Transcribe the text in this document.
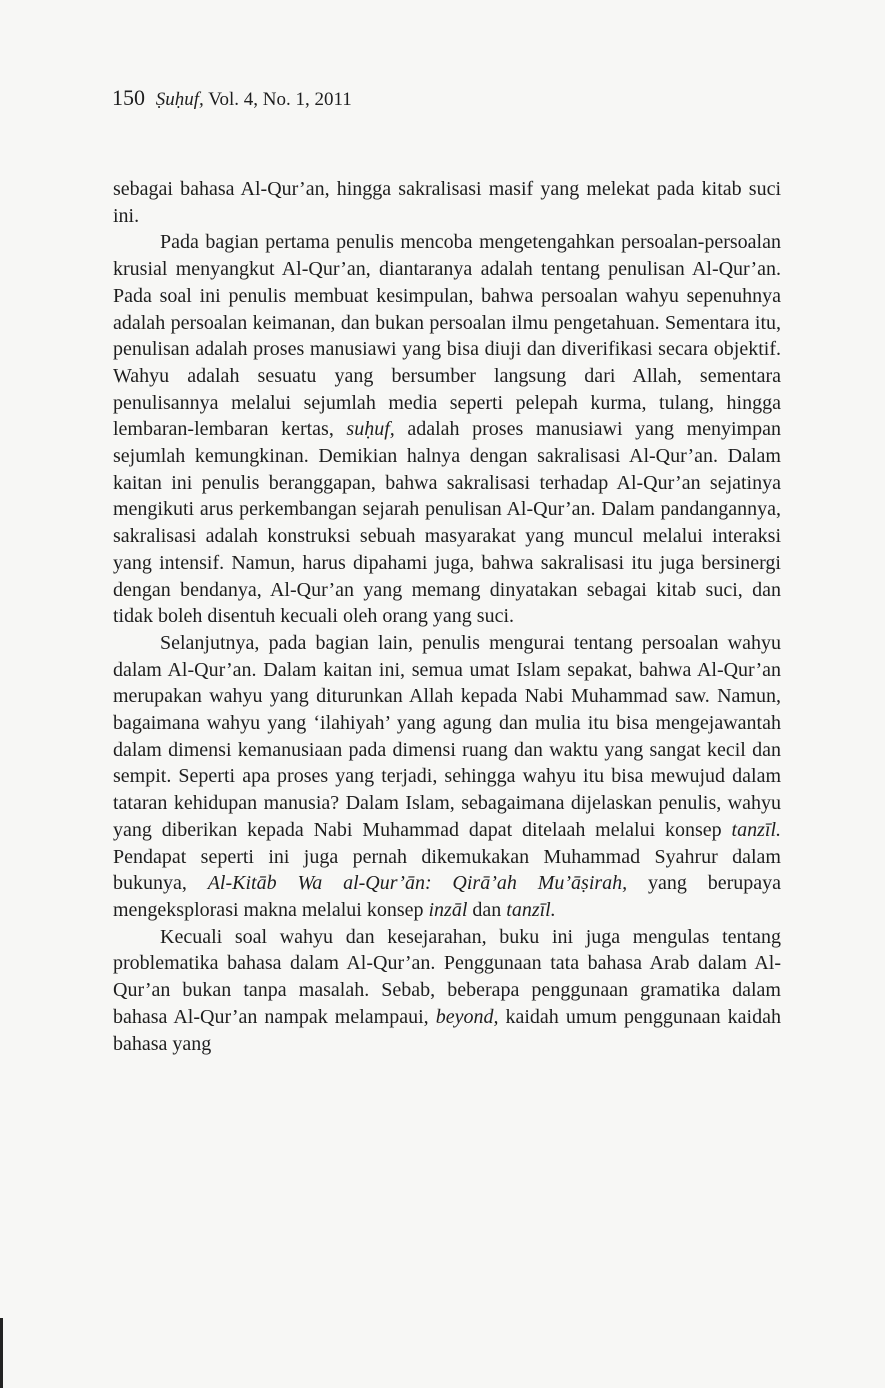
150 Ṣuḥuf, Vol. 4, No. 1, 2011

sebagai bahasa Al-Qur’an, hingga sakralisasi masif yang melekat pada kitab suci ini.

Pada bagian pertama penulis mencoba mengetengahkan persoalan-persoalan krusial menyangkut Al-Qur’an, diantaranya adalah tentang penulisan Al-Qur’an. Pada soal ini penulis membuat kesimpulan, bahwa persoalan wahyu sepenuhnya adalah persoalan keimanan, dan bukan persoalan ilmu pengetahuan. Sementara itu, penulisan adalah proses manusiawi yang bisa diuji dan diverifikasi secara objektif. Wahyu adalah sesuatu yang bersumber langsung dari Allah, sementara penulisannya melalui sejumlah media seperti pelepah kurma, tulang, hingga lembaran-lembaran kertas, suḥuf, adalah proses manusiawi yang menyimpan sejumlah kemungkinan. Demikian halnya dengan sakralisasi Al-Qur’an. Dalam kaitan ini penulis beranggapan, bahwa sakralisasi terhadap Al-Qur’an sejatinya mengikuti arus perkembangan sejarah penulisan Al-Qur’an. Dalam pandangannya, sakralisasi adalah konstruksi sebuah masyarakat yang muncul melalui interaksi yang intensif. Namun, harus dipahami juga, bahwa sakralisasi itu juga bersinergi dengan bendanya, Al-Qur’an yang memang dinyatakan sebagai kitab suci, dan tidak boleh disentuh kecuali oleh orang yang suci.

Selanjutnya, pada bagian lain, penulis mengurai tentang persoalan wahyu dalam Al-Qur’an. Dalam kaitan ini, semua umat Islam sepakat, bahwa Al-Qur’an merupakan wahyu yang diturunkan Allah kepada Nabi Muhammad saw. Namun, bagaimana wahyu yang ‘ilahiyah’ yang agung dan mulia itu bisa mengejawantah dalam dimensi kemanusiaan pada dimensi ruang dan waktu yang sangat kecil dan sempit. Seperti apa proses yang terjadi, sehingga wahyu itu bisa mewujud dalam tataran kehidupan manusia? Dalam Islam, sebagaimana dijelaskan penulis, wahyu yang diberikan kepada Nabi Muhammad dapat ditelaah melalui konsep tanzīl. Pendapat seperti ini juga pernah dikemukakan Muhammad Syahrur dalam bukunya, Al-Kitāb Wa al-Qur’ān: Qirā’ah Mu’āṣirah, yang berupaya mengeksplorasi makna melalui konsep inzāl dan tanzīl.

Kecuali soal wahyu dan kesejarahan, buku ini juga mengulas tentang problematika bahasa dalam Al-Qur’an. Penggunaan tata bahasa Arab dalam Al-Qur’an bukan tanpa masalah. Sebab, beberapa penggunaan gramatika dalam bahasa Al-Qur’an nampak melampaui, beyond, kaidah umum penggunaan kaidah bahasa yang
